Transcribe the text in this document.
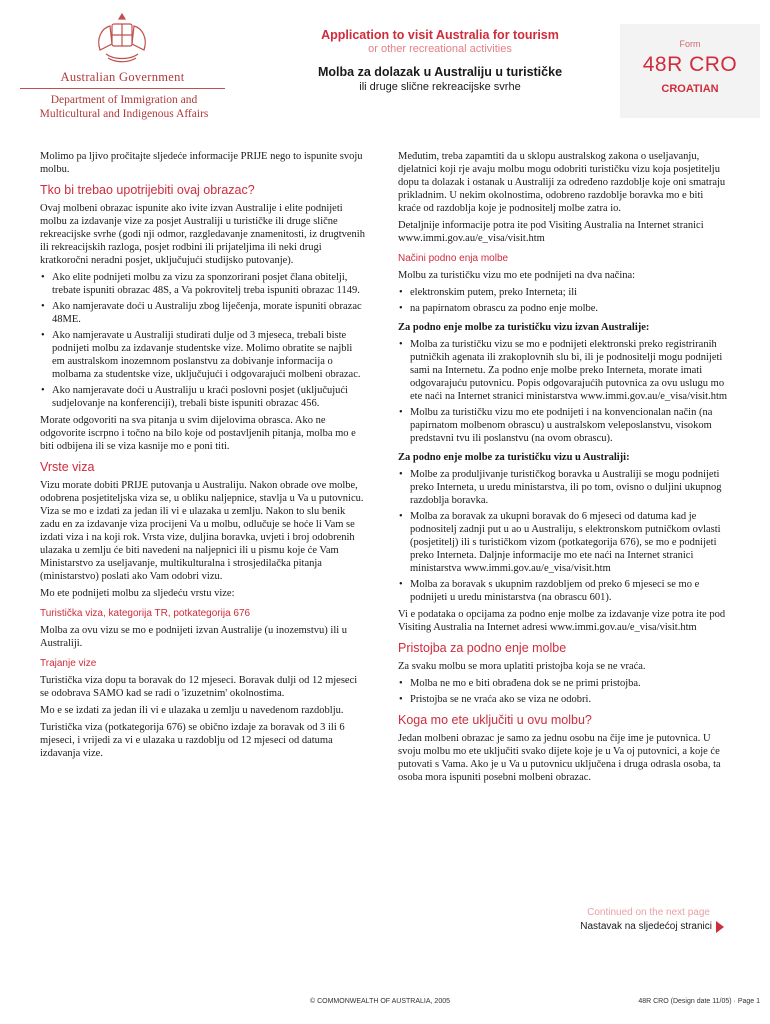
Australian Government
Department of Immigration and
Multicultural and Indigenous Affairs
Application to visit Australia for tourism
or other recreational activities
Molba za dolazak u Australiju u turističke
ili druge slične rekreacijske svrhe
Form
48R CRO
CROATIAN

Molimo pa ljivo pročitajte sljedeće informacije PRIJE nego to ispunite svoju molbu.

Tko bi trebao upotrijebiti ovaj obrazac?

Ovaj molbeni obrazac ispunite ako ivite izvan Australije i elite podnijeti molbu za izdavanje vize za posjet Australiji u turističke ili druge slične rekreacijske svrhe (godi nji odmor, razgledavanje znamenitosti, iz drugtvenih ili rekreacijskih razloga, posjet rodbini ili prijateljima ili neki drugi kratkoročni neradni posjet, uključujući studijsko putovanje).

• Ako elite podnijeti molbu za vizu za sponzorirani posjet člana obitelji, trebate ispuniti obrazac 48S, a Va pokrovitelj treba ispuniti obrazac 1149.
• Ako namjeravate doći u Australiju zbog liječenja, morate ispuniti obrazac 48ME.
• Ako namjeravate u Australiji studirati dulje od 3 mjeseca, trebali biste podnijeti molbu za izdavanje studentske vize. Molimo obratite se najbli em australskom inozemnom poslanstvu za dobivanje informacija o molbama za studentske vize, uključujući i odgovarajući molbeni obrazac.
• Ako namjeravate doći u Australiju u kraći poslovni posjet (uključujući sudjelovanje na konferenciji), trebali biste ispuniti obrazac 456.

Morate odgovoriti na sva pitanja u svim dijelovima obrasca. Ako ne odgovorite iscrpno i točno na bilo koje od postavljenih pitanja, molba mo e biti odbijena ili se viza kasnije mo e poni titi.

Vrste viza

Vizu morate dobiti PRIJE putovanja u Australiju. Nakon obrade ove molbe, odobrena posjetiteljska viza se, u obliku naljepnice, stavlja u Va u putovnicu. Viza se mo e izdati za jedan ili vi e ulazaka u zemlju. Nakon to slu benik zadu en za izdavanje viza procijeni Va u molbu, odlučuje se hoće li Vam se izdati viza i na koji rok. Vrsta vize, duljina boravka, uvjeti i broj odobrenih ulazaka u zemlju će biti navedeni na naljepnici ili u pismu koje će Vam Ministarstvo za useljavanje, multikulturalna i strosjedilačka pitanja (ministarstvo) poslati ako Vam odobri vizu.

Mo ete podnijeti molbu za sljedeću vrstu vize:

Turistička viza, kategorija TR, potkategorija 676

Molba za ovu vizu se mo e podnijeti izvan Australije (u inozemstvu) ili u Australiji.

Trajanje vize

Turistička viza dopu ta boravak do 12 mjeseci. Boravak dulji od 12 mjeseci se odobrava SAMO kad se radi o 'izuzetnim' okolnostima.

Mo e se izdati za jedan ili vi e ulazaka u zemlju u navedenom razdoblju.

Turistička viza (potkategorija 676) se obično izdaje za boravak od 3 ili 6 mjeseci, i vrijedi za vi e ulazaka u razdoblju od 12 mjeseci od datuma izdavanja vize.

Međutim, treba zapamtiti da u sklopu australskog zakona o useljavanju, djelatnici koji rje avaju molbu mogu odobriti turističku vizu koja posjetitelju dopu ta dolazak i ostanak u Australiji za određeno razdoblje koje oni smatraju prikladnim. U nekim okolnostima, odobreno razdoblje boravka mo e biti kraće od razdoblja koje je podnositelj molbe zatra io.

Detaljnije informacije potra ite pod Visiting Australia na Internet stranici www.immi.gov.au/e_visa/visit.htm

Načini podno enja molbe

Molbu za turističku vizu mo ete podnijeti na dva načina:

• elektronskim putem, preko Interneta; ili
• na papirnatom obrascu za podno enje molbe.
Za podno enje molbe za turističku vizu izvan Australije:
• Molba za turističku vizu se mo e podnijeti elektronski preko registriranih putničkih agenata ili zrakoplovnih slu bi, ili je podnositelji mogu podnijeti sami na Internetu. Za podno enje molbe preko Interneta, morate imati odgovarajuću putovnicu. Popis odgovarajućih putovnica za ovu uslugu mo ete naći na Internet stranici ministarstva www.immi.gov.au/e_visa/visit.htm
• Molbu za turističku vizu mo ete podnijeti i na konvencionalan način (na papirnatom molbenom obrascu) u australskom veleposlanstvu, visokom predstavni tvu ili poslanstvu (na ovom obrascu).
Za podno enje molbe za turističku vizu u Australiji:
• Molbe za produljivanje turističkog boravka u Australiji se mogu podnijeti preko Interneta, u uredu ministarstva, ili po tom, ovisno o duljini ukupnog razdoblja boravka.
• Molba za boravak za ukupni boravak do 6 mjeseci od datuma kad je podnositelj zadnji put u ao u Australiju, s elektronskom putničkom ovlasti (posjetitelj) ili s turističkom vizom (potkategorija 676), se mo e podnijeti preko Interneta. Daljnje informacije mo ete naći na Internet stranici ministarstva www.immi.gov.au/e_visa/visit.htm
• Molba za boravak s ukupnim razdobljem od preko 6 mjeseci se mo e podnijeti u uredu ministarstva (na obrascu 601).

Vi e podataka o opcijama za podno enje molbe za izdavanje vize potra ite pod Visiting Australia na Internet adresi www.immi.gov.au/e_visa/visit.htm

Pristojba za podno enje molbe

Za svaku molbu se mora uplatiti pristojba koja se ne vraća.

• Molba ne mo e biti obrađena dok se ne primi pristojba.
• Pristojba se ne vraća ako se viza ne odobri.
Koga mo ete uključiti u ovu molbu?

Jedan molbeni obrazac je samo za jednu osobu na čije ime je putovnica. U svoju molbu mo ete uključiti svako dijete koje je u Va oj putovnici, a koje će putovati s Vama. Ako je u Va u putovnicu uključena i druga odrasla osoba, ta osoba mora ispuniti posebni molbeni obrazac.

Continued on the next page
Nastavak na sljedećoj stranici
© COMMONWEALTH OF AUSTRALIA, 2005	48R CRO (Design date 11/05) · Page 1
